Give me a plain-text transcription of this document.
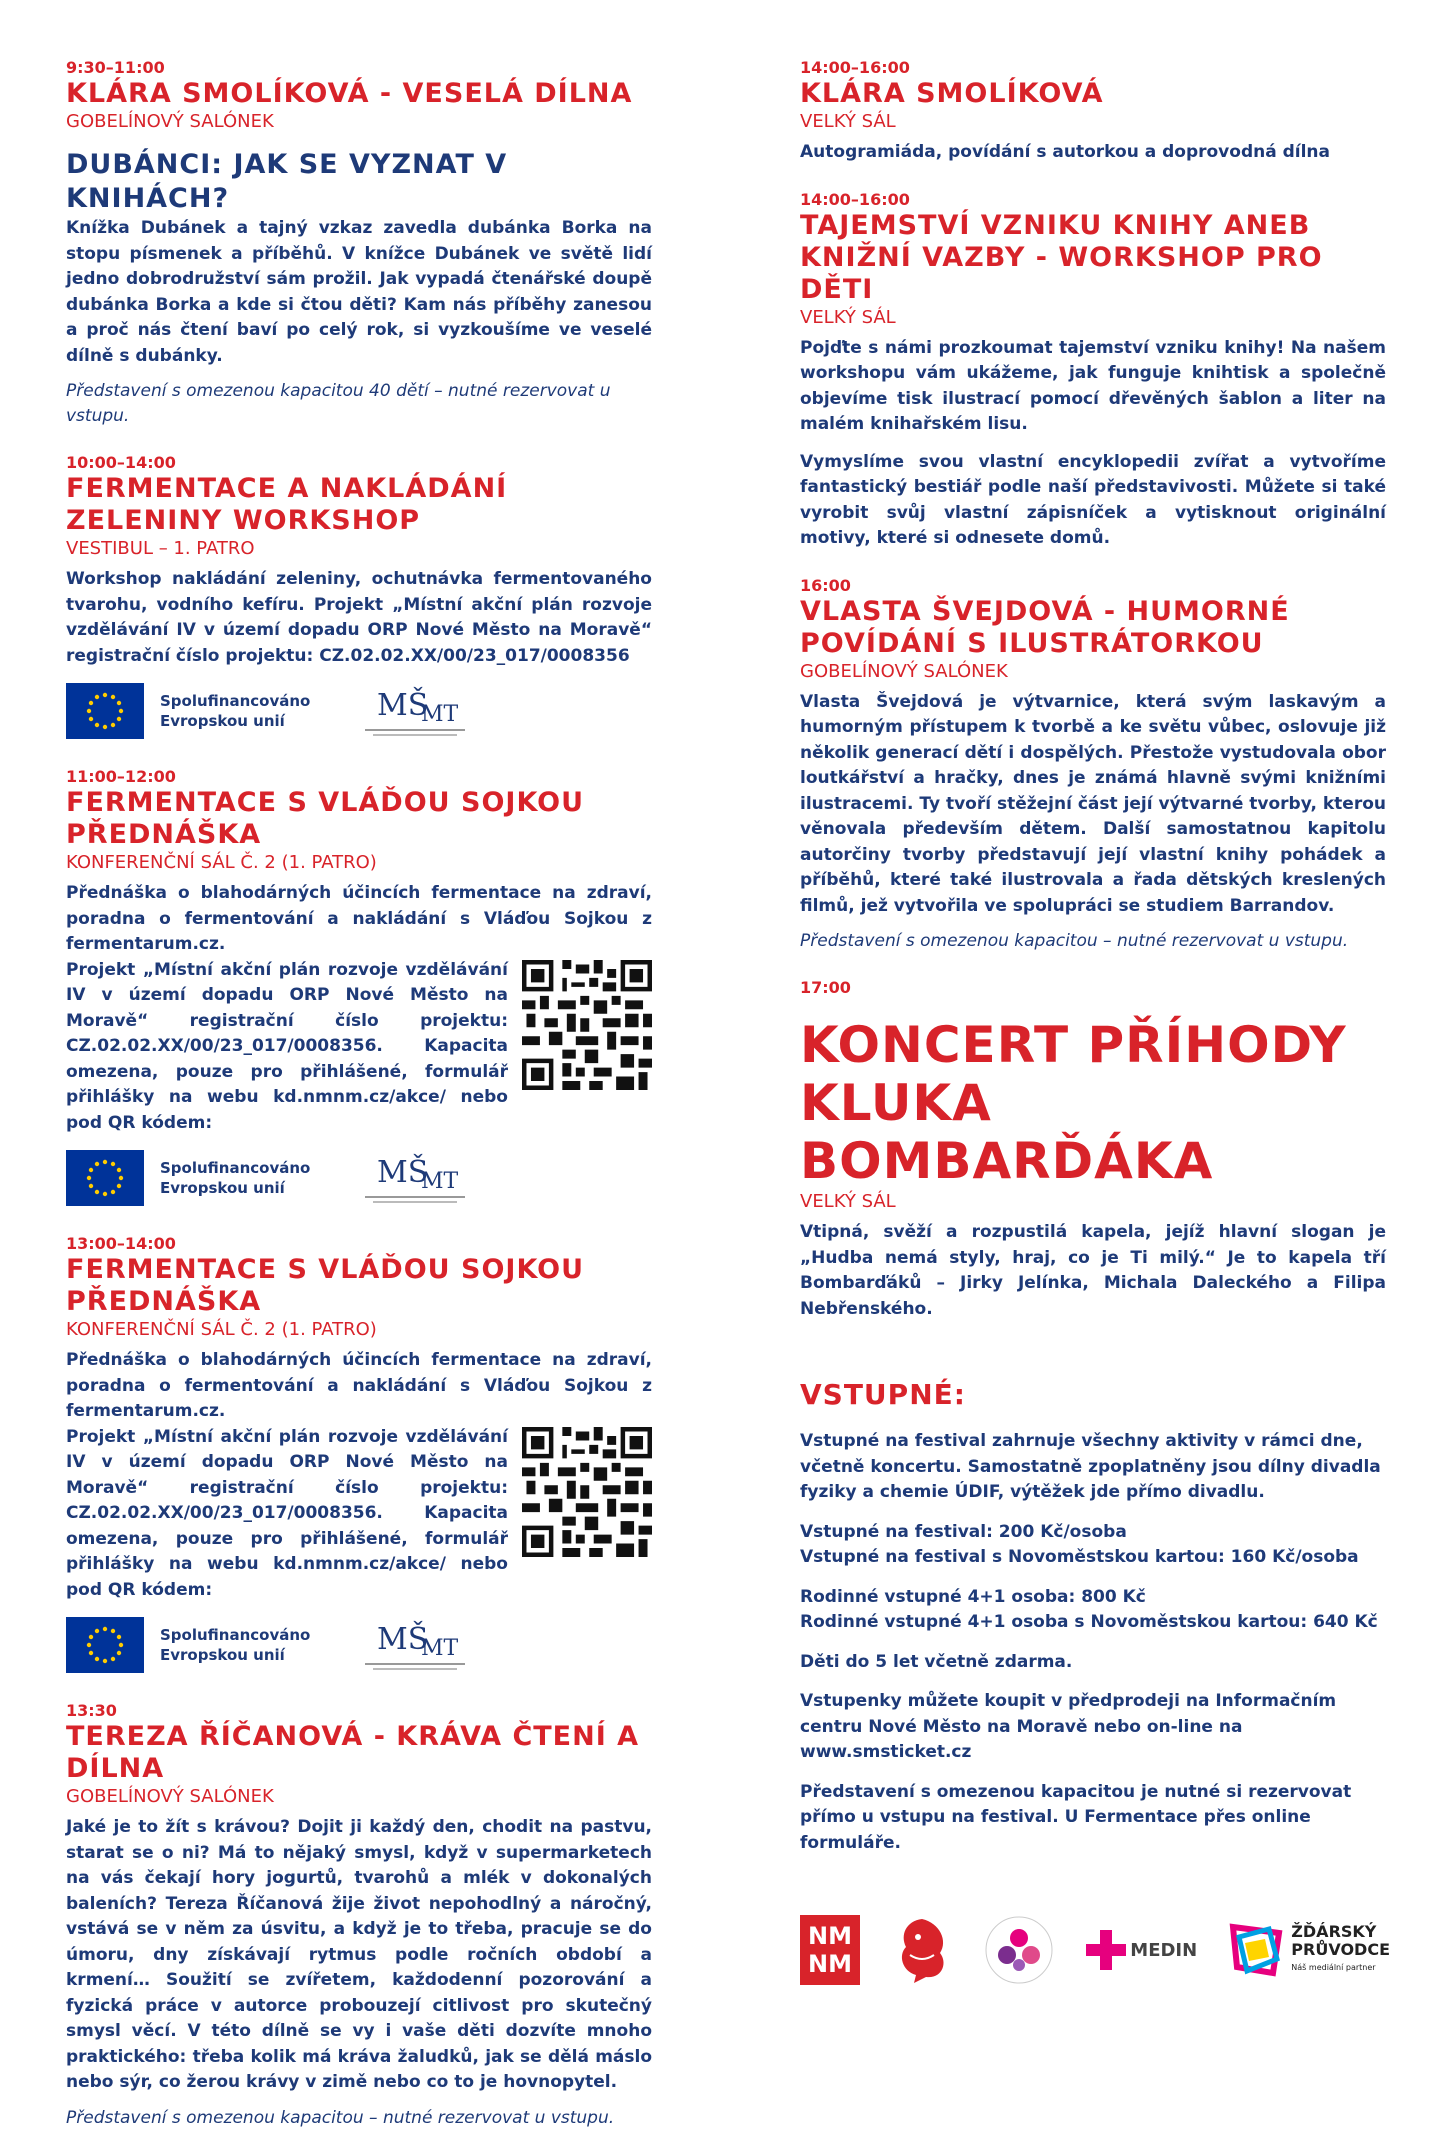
9:30–11:00
KLÁRA SMOLÍKOVÁ - VESELÁ DÍLNA
GOBELÍNOVÝ SALÓNEK
DUBÁNCI: JAK SE VYZNAT V KNIHÁCH?
Knížka Dubánek a tajný vzkaz zavedla dubánka Borka na stopu písmenek a příběhů. V knížce Dubánek ve světě lidí jedno dobrodružství sám prožil. Jak vypadá čtenářské doupě dubánka Borka a kde si čtou děti? Kam nás příběhy zanesou a proč nás čtení baví po celý rok, si vyzkoušíme ve veselé dílně s dubánky.
Představení s omezenou kapacitou 40 dětí – nutné rezervovat u vstupu.
10:00–14:00
FERMENTACE A NAKLÁDÁNÍ ZELENINY WORKSHOP
VESTIBUL – 1. PATRO
Workshop nakládání zeleniny, ochutnávka fermentovaného tvarohu, vodního kefíru. Projekt „Místní akční plán rozvoje vzdělávání IV v území dopadu ORP Nové Město na Moravě“ registrační číslo projektu: CZ.02.02.XX/00/23_017/0008356
Spolufinancováno Evropskou unií	MŠ
MT
11:00–12:00
FERMENTACE S VLÁĎOU SOJKOU PŘEDNÁŠKA
KONFERENČNÍ SÁL Č. 2 (1. PATRO)
Přednáška o blahodárných účincích fermentace na zdraví, poradna o fermentování a nakládání s Vláďou Sojkou z fermentarum.cz.
Projekt „Místní akční plán rozvoje vzdělávání IV v území dopadu ORP Nové Město na Moravě“ registrační číslo projektu: CZ.02.02.XX/00/23_017/0008356. Kapacita omezena, pouze pro přihlášené, formulář přihlášky na webu kd.nmnm.cz/akce/ nebo pod QR kódem:
Spolufinancováno Evropskou unií	MŠ
MT
13:00–14:00
FERMENTACE S VLÁĎOU SOJKOU PŘEDNÁŠKA
KONFERENČNÍ SÁL Č. 2 (1. PATRO)
Přednáška o blahodárných účincích fermentace na zdraví, poradna o fermentování a nakládání s Vláďou Sojkou z fermentarum.cz.
Projekt „Místní akční plán rozvoje vzdělávání IV v území dopadu ORP Nové Město na Moravě“ registrační číslo projektu: CZ.02.02.XX/00/23_017/0008356. Kapacita omezena, pouze pro přihlášené, formulář přihlášky na webu kd.nmnm.cz/akce/ nebo pod QR kódem:
Spolufinancováno Evropskou unií	MŠ
MT
13:30
TEREZA ŘÍČANOVÁ - KRÁVA ČTENÍ A DÍLNA
GOBELÍNOVÝ SALÓNEK
Jaké je to žít s krávou? Dojit ji každý den, chodit na pastvu, starat se o ni? Má to nějaký smysl, když v supermarketech na vás čekají hory jogurtů, tvarohů a mlék v dokonalých baleních? Tereza Říčanová žije život nepohodlný a náročný, vstává se v něm za úsvitu, a když je to třeba, pracuje se do úmoru, dny získávají rytmus podle ročních období a krmení… Soužití se zvířetem, každodenní pozorování a fyzická práce v autorce probouzejí citlivost pro skutečný smysl věcí. V této dílně se vy i vaše děti dozvíte mnoho praktického: třeba kolik má kráva žaludků, jak se dělá máslo nebo sýr, co žerou krávy v zimě nebo co to je hovnopytel.
Představení s omezenou kapacitou – nutné rezervovat u vstupu.
14:00–16:00
KLÁRA SMOLÍKOVÁ
VELKÝ SÁL
Autogramiáda, povídání s autorkou a doprovodná dílna
14:00–16:00
TAJEMSTVÍ VZNIKU KNIHY ANEB KNIŽNÍ VAZBY - WORKSHOP PRO DĚTI
VELKÝ SÁL

Pojďte s námi prozkoumat tajemství vzniku knihy! Na našem workshopu vám ukážeme, jak funguje knihtisk a společně objevíme tisk ilustrací pomocí dřevěných šablon a liter na malém knihařském lisu.

Vymyslíme svou vlastní encyklopedii zvířat a vytvoříme fantastický bestiář podle naší představivosti. Můžete si také vyrobit svůj vlastní zápisníček a vytisknout originální motivy, které si odnesete domů.

16:00
VLASTA ŠVEJDOVÁ - HUMORNÉ POVÍDÁNÍ S ILUSTRÁTORKOU
GOBELÍNOVÝ SALÓNEK
Vlasta Švejdová je výtvarnice, která svým laskavým a humorným přístupem k tvorbě a ke světu vůbec, oslovuje již několik generací dětí i dospělých. Přestože vystudovala obor loutkářství a hračky, dnes je známá hlavně svými knižními ilustracemi. Ty tvoří stěžejní část její výtvarné tvorby, kterou věnovala především dětem. Další samostatnou kapitolu autorčiny tvorby představují její vlastní knihy pohádek a příběhů, které také ilustrovala a řada dětských kreslených filmů, jež vytvořila ve spolupráci se studiem Barrandov.
Představení s omezenou kapacitou – nutné rezervovat u vstupu.
17:00
KONCERT PŘÍHODY KLUKA BOMBARĎÁKA
VELKÝ SÁL
Vtipná, svěží a rozpustilá kapela, jejíž hlavní slogan je „Hudba nemá styly, hraj, co je Ti milý.“ Je to kapela tří Bombarďáků – Jirky Jelínka, Michala Daleckého a Filipa Nebřenského.
VSTUPNÉ:

Vstupné na festival zahrnuje všechny aktivity v rámci dne, včetně koncertu. Samostatně zpoplatněny jsou dílny divadla fyziky a chemie ÚDIF, výtěžek jde přímo divadlu.

Vstupné na festival: 200 Kč/osoba
Vstupné na festival s Novoměstskou kartou: 160 Kč/osoba
Rodinné vstupné 4+1 osoba: 800 Kč
Rodinné vstupné 4+1 osoba s Novoměstskou kartou: 640 Kč

Děti do 5 let včetně zdarma.

Vstupenky můžete koupit v předprodeji na Informačním centru Nové Město na Moravě nebo on-line na www.smsticket.cz

Představení s omezenou kapacitou je nutné si rezervovat přímo u vstupu na festival. U Fermentace přes online formuláře.

NM
NM	MEDIN
ŽĎÁRSKÝ
PRŮVODCE
Náš mediální partner
